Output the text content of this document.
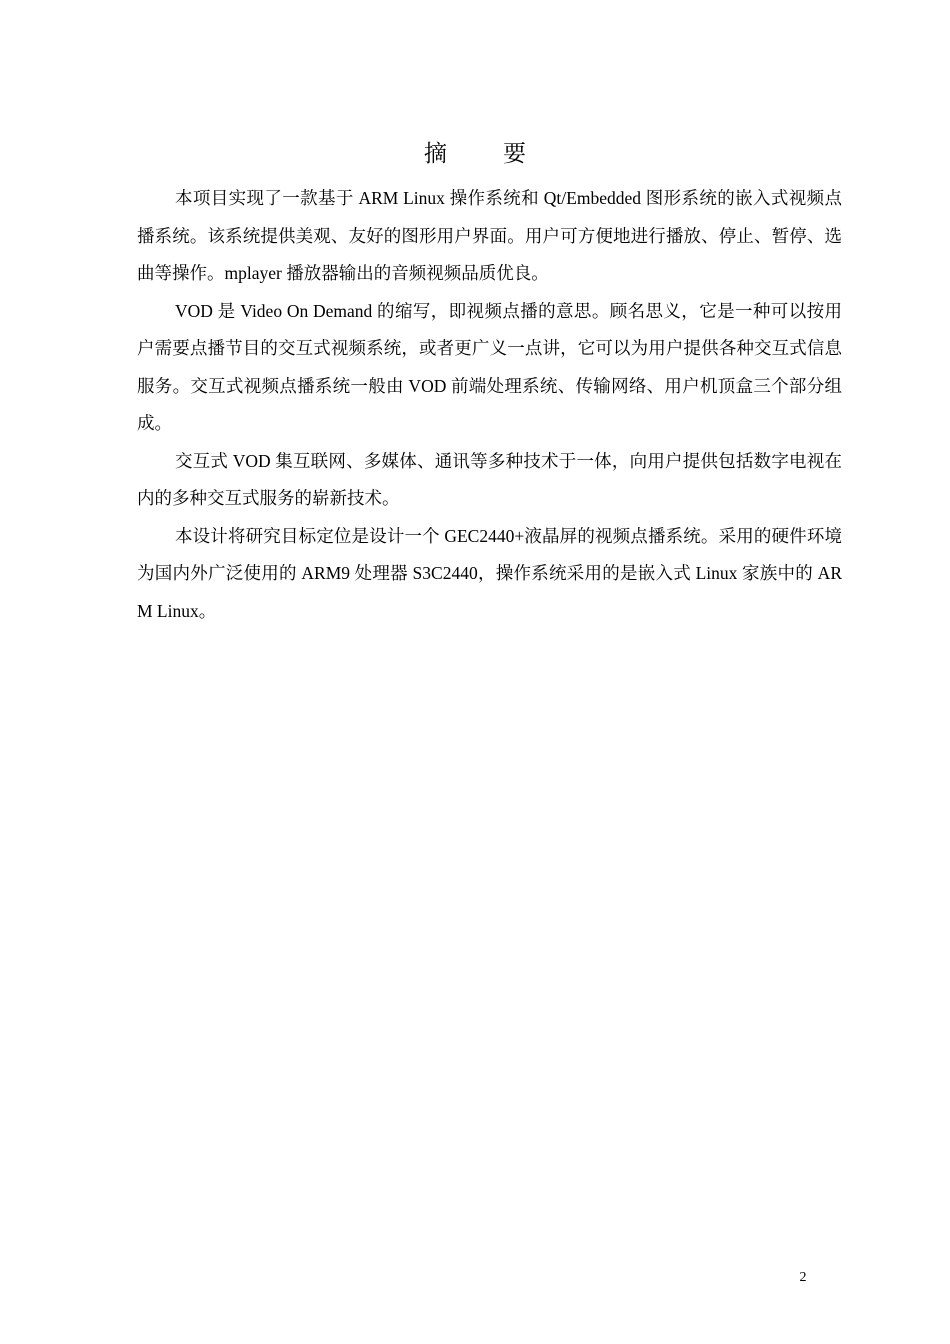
摘 要

本项目实现了一款基于 ARM Linux 操作系统和 Qt/Embedded 图形系统的嵌入式视频点播系统。该系统提供美观、友好的图形用户界面。用户可方便地进行播放、停止、暂停、选曲等操作。mplayer 播放器输出的音频视频品质优良。

VOD 是 Video On Demand 的缩写，即视频点播的意思。顾名思义，它是一种可以按用户需要点播节目的交互式视频系统，或者更广义一点讲，它可以为用户提供各种交互式信息服务。交互式视频点播系统一般由 VOD 前端处理系统、传输网络、用户机顶盒三个部分组成。

交互式 VOD 集互联网、多媒体、通讯等多种技术于一体，向用户提供包括数字电视在内的多种交互式服务的崭新技术。

本设计将研究目标定位是设计一个 GEC2440+液晶屏的视频点播系统。采用的硬件环境为国内外广泛使用的 ARM9 处理器 S3C2440，操作系统采用的是嵌入式 Linux 家族中的 ARM Linux。

2
